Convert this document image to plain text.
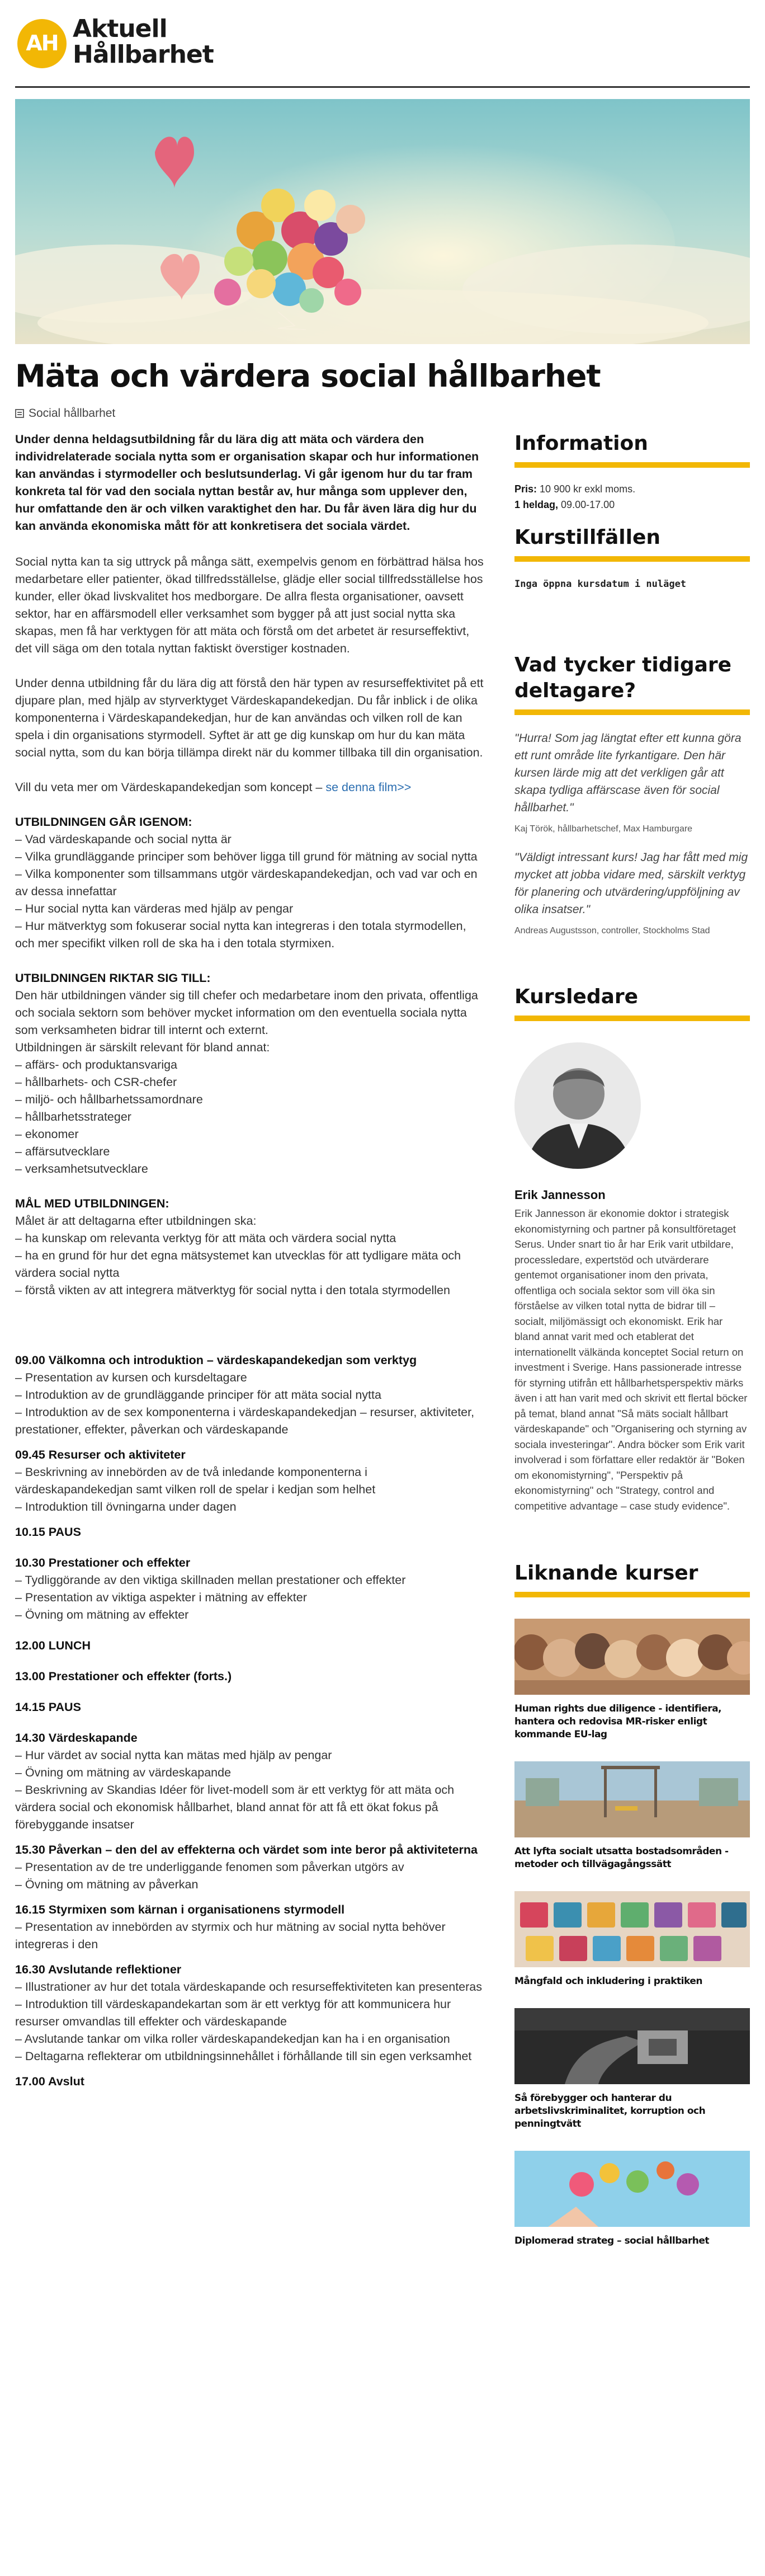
AH Aktuell
Hållbarhet
Mäta och värdera social hållbarhet
Social hållbarhet
Under denna heldagsutbildning får du lära dig att mäta och värdera den individrelaterade sociala nytta som er organisation skapar och hur informationen kan användas i styrmodeller och beslutsunderlag. Vi går igenom hur du tar fram konkreta tal för vad den sociala nyttan består av, hur många som upplever den, hur omfattande den är och vilken varaktighet den har. Du får även lära dig hur du kan använda ekonomiska mått för att konkretisera det sociala värdet.

Social nytta kan ta sig uttryck på många sätt, exempelvis genom en förbättrad hälsa hos medarbetare eller patienter, ökad tillfredsställelse, glädje eller social tillfredsställelse hos kunder, eller ökad livskvalitet hos medborgare. De allra flesta organisationer, oavsett sektor, har en affärsmodell eller verksamhet som bygger på att just social nytta ska skapas, men få har verktygen för att mäta och förstå om det arbetet är resurseffektivt, det vill säga om den totala nyttan faktiskt överstiger kostnaden.

Under denna utbildning får du lära dig att förstå den här typen av resurseffektivitet på ett djupare plan, med hjälp av styrverktyget Värdeskapandekedjan. Du får inblick i de olika komponenterna i Värdeskapandekedjan, hur de kan användas och vilken roll de kan spela i din organisations styrmodell. Syftet är att ge dig kunskap om hur du kan mäta social nytta, som du kan börja tillämpa direkt när du kommer tillbaka till din organisation.

Vill du veta mer om Värdeskapandekedjan som koncept – se denna film>>

UTBILDNINGEN GÅR IGENOM:
– Vad värdeskapande och social nytta är
– Vilka grundläggande principer som behöver ligga till grund för mätning av social nytta
– Vilka komponenter som tillsammans utgör värdeskapandekedjan, och vad var och en av dessa innefattar
– Hur social nytta kan värderas med hjälp av pengar
– Hur mätverktyg som fokuserar social nytta kan integreras i den totala styrmodellen, och mer specifikt vilken roll de ska ha i den totala styrmixen.
UTBILDNINGEN RIKTAR SIG TILL:
Den här utbildningen vänder sig till chefer och medarbetare inom den privata, offentliga och sociala sektorn som behöver mycket information om den eventuella sociala nytta som verksamheten bidrar till internt och externt.
Utbildningen är särskilt relevant för bland annat:
– affärs- och produktansvariga
– hållbarhets- och CSR-chefer
– miljö- och hållbarhetssamordnare
– hållbarhetsstrateger
– ekonomer
– affärsutvecklare
– verksamhetsutvecklare
MÅL MED UTBILDNINGEN:
Målet är att deltagarna efter utbildningen ska:
– ha kunskap om relevanta verktyg för att mäta och värdera social nytta
– ha en grund för hur det egna mätsystemet kan utvecklas för att tydligare mäta och värdera social nytta
– förstå vikten av att integrera mätverktyg för social nytta i den totala styrmodellen
09.00 Välkomna och introduktion – värdeskapandekedjan som verktyg
– Presentation av kursen och kursdeltagare
– Introduktion av de grundläggande principer för att mäta social nytta
– Introduktion av de sex komponenterna i värdeskapandekedjan – resurser, aktiviteter, prestationer, effekter, påverkan och värdeskapande
09.45 Resurser och aktiviteter
– Beskrivning av innebörden av de två inledande komponenterna i värdeskapandekedjan samt vilken roll de spelar i kedjan som helhet
– Introduktion till övningarna under dagen
10.15 PAUS
10.30 Prestationer och effekter
– Tydliggörande av den viktiga skillnaden mellan prestationer och effekter
– Presentation av viktiga aspekter i mätning av effekter
– Övning om mätning av effekter
12.00 LUNCH
13.00 Prestationer och effekter (forts.)
14.15 PAUS
14.30 Värdeskapande
– Hur värdet av social nytta kan mätas med hjälp av pengar
– Övning om mätning av värdeskapande
– Beskrivning av Skandias Idéer för livet-modell som är ett verktyg för att mäta och värdera social och ekonomisk hållbarhet, bland annat för att få ett ökat fokus på förebyggande insatser
15.30 Påverkan – den del av effekterna och värdet som inte beror på aktiviteterna
– Presentation av de tre underliggande fenomen som påverkan utgörs av
– Övning om mätning av påverkan
16.15 Styrmixen som kärnan i organisationens styrmodell
– Presentation av innebörden av styrmix och hur mätning av social nytta behöver integreras i den
16.30 Avslutande reflektioner
– Illustrationer av hur det totala värdeskapande och resurseffektiviteten kan presenteras
– Introduktion till värdeskapandekartan som är ett verktyg för att kommunicera hur resurser omvandlas till effekter och värdeskapande
– Avslutande tankar om vilka roller värdeskapandekedjan kan ha i en organisation
– Deltagarna reflekterar om utbildningsinnehållet i förhållande till sin egen verksamhet
17.00 Avslut
Information
Pris: 10 900 kr exkl moms.
1 heldag, 09.00-17.00
Kurstillfällen
Inga öppna kursdatum i nuläget
Vad tycker tidigare deltagare?
"Hurra! Som jag längtat efter ett kunna göra ett runt område lite fyrkantigare. Den här kursen lärde mig att det verkligen går att skapa tydliga affärscase även för social hållbarhet."
Kaj Török, hållbarhetschef, Max Hamburgare
"Väldigt intressant kurs! Jag har fått med mig mycket att jobba vidare med, särskilt verktyg för planering och utvärdering/uppföljning av olika insatser."
Andreas Augustsson, controller, Stockholms Stad
Kursledare
Erik Jannesson
Erik Jannesson är ekonomie doktor i strategisk ekonomistyrning och partner på konsultföretaget Serus. Under snart tio år har Erik varit utbildare, processledare, expertstöd och utvärderare gentemot organisationer inom den privata, offentliga och sociala sektor som vill öka sin förståelse av vilken total nytta de bidrar till – socialt, miljömässigt och ekonomiskt. Erik har bland annat varit med och etablerat det internationellt välkända konceptet Social return on investment i Sverige. Hans passionerade intresse för styrning utifrån ett hållbarhetsperspektiv märks även i att han varit med och skrivit ett flertal böcker på temat, bland annat "Så mäts socialt hållbart värdeskapande" och "Organisering och styrning av sociala investeringar". Andra böcker som Erik varit involverad i som författare eller redaktör är "Boken om ekonomistyrning", "Perspektiv på ekonomistyrning" och "Strategy, control and competitive advantage – case study evidence".
Liknande kurser
Human rights due diligence - identifiera, hantera och redovisa MR-risker enligt kommande EU-lag
Att lyfta socialt utsatta bostadsområden - metoder och tillvägagångssätt
Mångfald och inkludering i praktiken
Så förebygger och hanterar du arbetslivskriminalitet, korruption och penningtvätt
Diplomerad strateg – social hållbarhet
